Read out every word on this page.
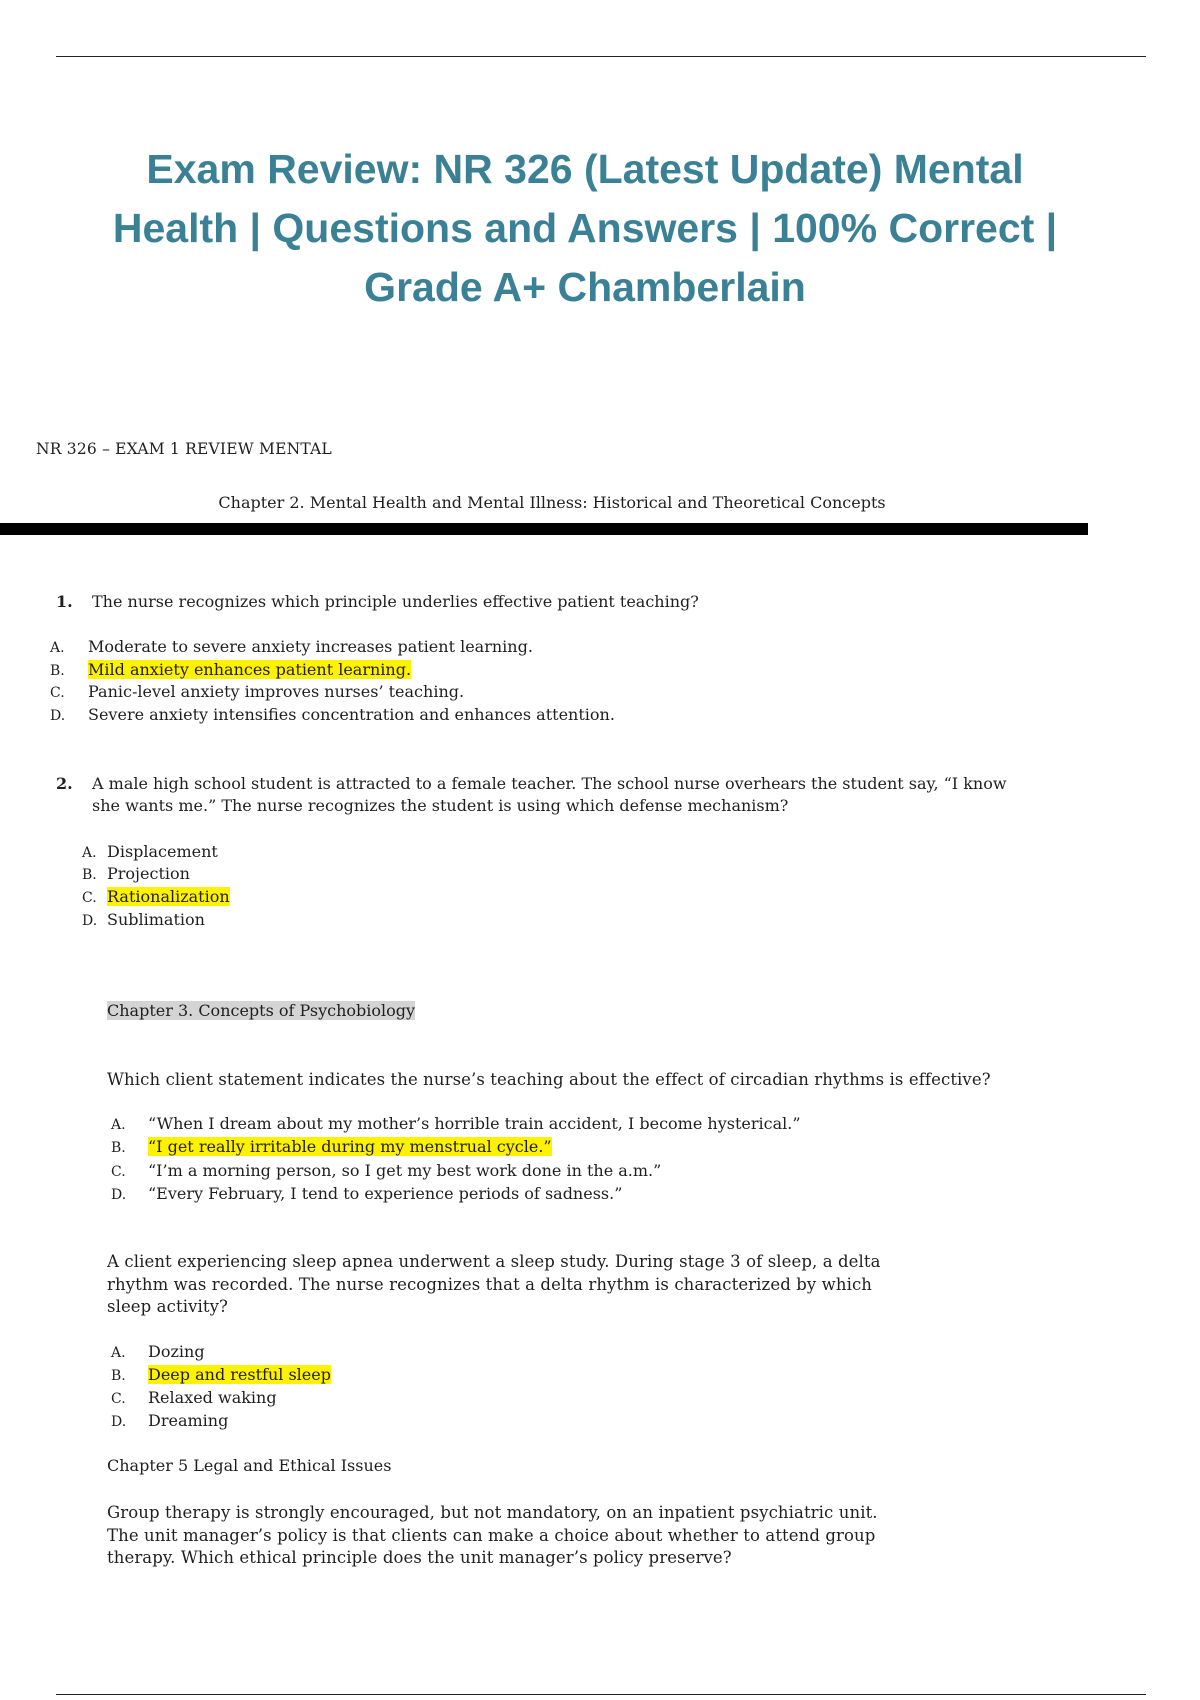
Exam Review: NR 326 (Latest Update) Mental
Health | Questions and Answers | 100% Correct |
Grade A+ Chamberlain
NR 326 – EXAM 1 REVIEW MENTAL
Chapter 2. Mental Health and Mental Illness: Historical and Theoretical Concepts
1. The nurse recognizes which principle underlies effective patient teaching?
A. Moderate to severe anxiety increases patient learning.
B. Mild anxiety enhances patient learning.
C. Panic-level anxiety improves nurses’ teaching.
D. Severe anxiety intensifies concentration and enhances attention.
2. A male high school student is attracted to a female teacher. The school nurse overhears the student say, “I know
she wants me.” The nurse recognizes the student is using which defense mechanism?
A. Displacement
B. Projection
C. Rationalization
D. Sublimation
Chapter 3. Concepts of Psychobiology
Which client statement indicates the nurse’s teaching about the effect of circadian rhythms is effective?
A. “When I dream about my mother’s horrible train accident, I become hysterical.”
B. “I get really irritable during my menstrual cycle.”
C. “I’m a morning person, so I get my best work done in the a.m.”
D. “Every February, I tend to experience periods of sadness.”
A client experiencing sleep apnea underwent a sleep study. During stage 3 of sleep, a delta
rhythm was recorded. The nurse recognizes that a delta rhythm is characterized by which
sleep activity?
A. Dozing
B. Deep and restful sleep
C. Relaxed waking
D. Dreaming
Chapter 5 Legal and Ethical Issues
Group therapy is strongly encouraged, but not mandatory, on an inpatient psychiatric unit.
The unit manager’s policy is that clients can make a choice about whether to attend group
therapy. Which ethical principle does the unit manager’s policy preserve?
